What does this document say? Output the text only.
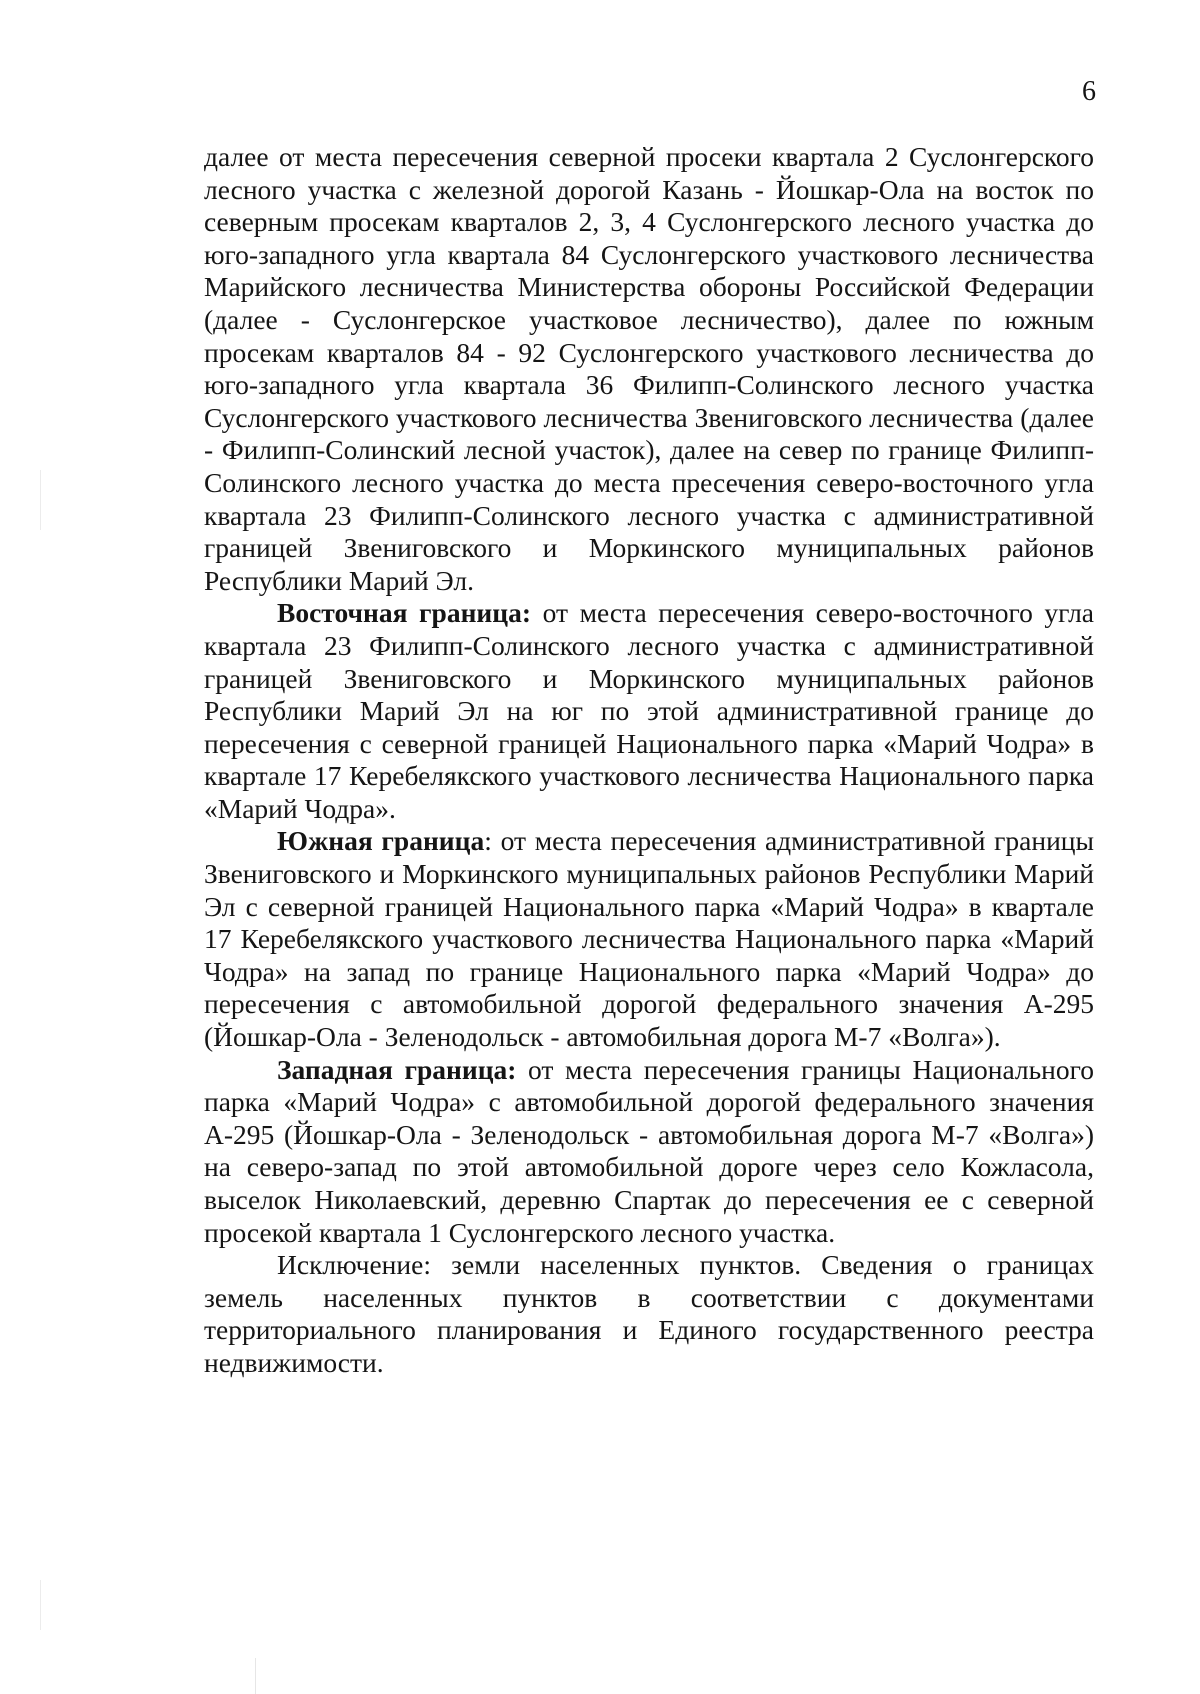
6

далее от места пересечения северной просеки квартала 2 Суслонгерского лесного участка с железной дорогой Казань - Йошкар-Ола на восток по северным просекам кварталов 2, 3, 4 Суслонгерского лесного участка до юго-западного угла квартала 84 Суслонгерского участкового лесничества Марийского лесничества Министерства обороны Российской Федерации (далее - Суслонгерское участковое лесничество), далее по южным просекам кварталов 84 - 92 Суслонгерского участкового лесничества до юго-западного угла квартала 36 Филипп-Солинского лесного участка Суслонгерского участкового лесничества Звениговского лесничества (далее - Филипп-Солинский лесной участок), далее на север по границе Филипп-Солинского лесного участка до места пресечения северо-восточного угла квартала 23 Филипп-Солинского лесного участка с административной границей Звениговского и Моркинского муниципальных районов Республики Марий Эл.

Восточная граница: от места пересечения северо-восточного угла квартала 23 Филипп-Солинского лесного участка с административной границей Звениговского и Моркинского муниципальных районов Республики Марий Эл на юг по этой административной границе до пересечения с северной границей Национального парка «Марий Чодра» в квартале 17 Керебелякского участкового лесничества Национального парка «Марий Чодра».

Южная граница: от места пересечения административной границы Звениговского и Моркинского муниципальных районов Республики Марий Эл с северной границей Национального парка «Марий Чодра» в квартале 17 Керебелякского участкового лесничества Национального парка «Марий Чодра» на запад по границе Национального парка «Марий Чодра» до пересечения с автомобильной дорогой федерального значения А-295 (Йошкар-Ола - Зеленодольск - автомобильная дорога М-7 «Волга»).

Западная граница: от места пересечения границы Национального парка «Марий Чодра» с автомобильной дорогой федерального значения А-295 (Йошкар-Ола - Зеленодольск - автомобильная дорога М-7 «Волга») на северо-запад по этой автомобильной дороге через село Кожласола, выселок Николаевский, деревню Спартак до пересечения ее с северной просекой квартала 1 Суслонгерского лесного участка.

Исключение: земли населенных пунктов. Сведения о границах земель населенных пунктов в соответствии с документами территориального планирования и Единого государственного реестра недвижимости.
